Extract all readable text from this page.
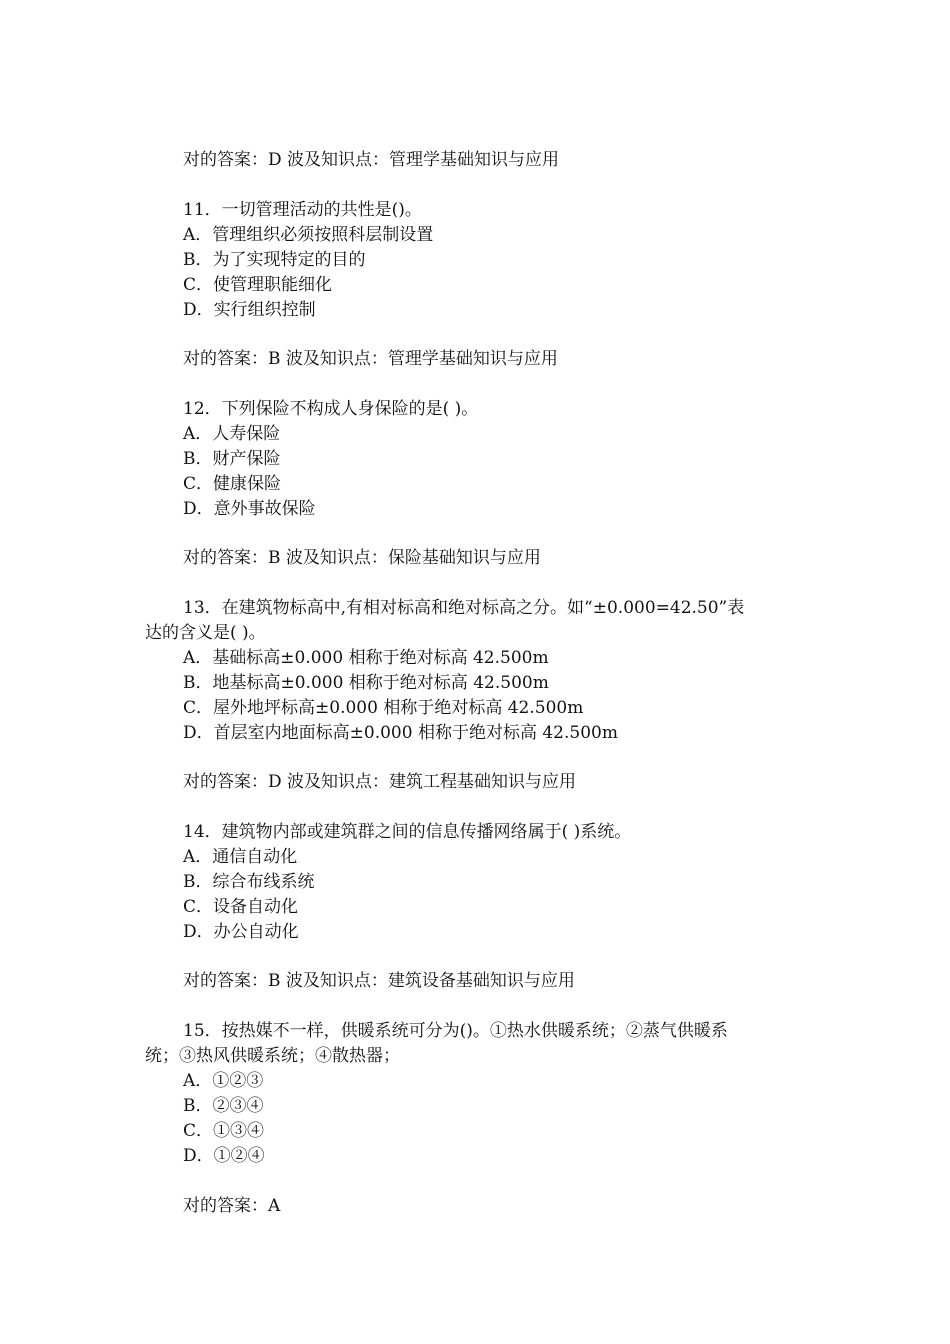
对的答案：D 波及知识点：管理学基础知识与应用
11．一切管理活动的共性是()。
A．管理组织必须按照科层制设置
B．为了实现特定的目的
C．使管理职能细化
D．实行组织控制
对的答案：B 波及知识点：管理学基础知识与应用
12．下列保险不构成人身保险的是( )。
A．人寿保险
B．财产保险
C．健康保险
D．意外事故保险
对的答案：B 波及知识点：保险基础知识与应用
13．在建筑物标高中,有相对标高和绝对标高之分。如“±0.000=42.50”表
达的含义是( )。
A．基础标高±0.000 相称于绝对标高 42.500m
B．地基标高±0.000 相称于绝对标高 42.500m
C．屋外地坪标高±0.000 相称于绝对标高 42.500m
D．首层室内地面标高±0.000 相称于绝对标高 42.500m
对的答案：D 波及知识点：建筑工程基础知识与应用
14．建筑物内部或建筑群之间的信息传播网络属于( )系统。
A．通信自动化
B．综合布线系统
C．设备自动化
D．办公自动化
对的答案：B 波及知识点：建筑设备基础知识与应用
15．按热媒不一样，供暖系统可分为()。①热水供暖系统；②蒸气供暖系
统；③热风供暖系统；④散热器；
A．①②③
B．②③④
C．①③④
D．①②④
对的答案：A
